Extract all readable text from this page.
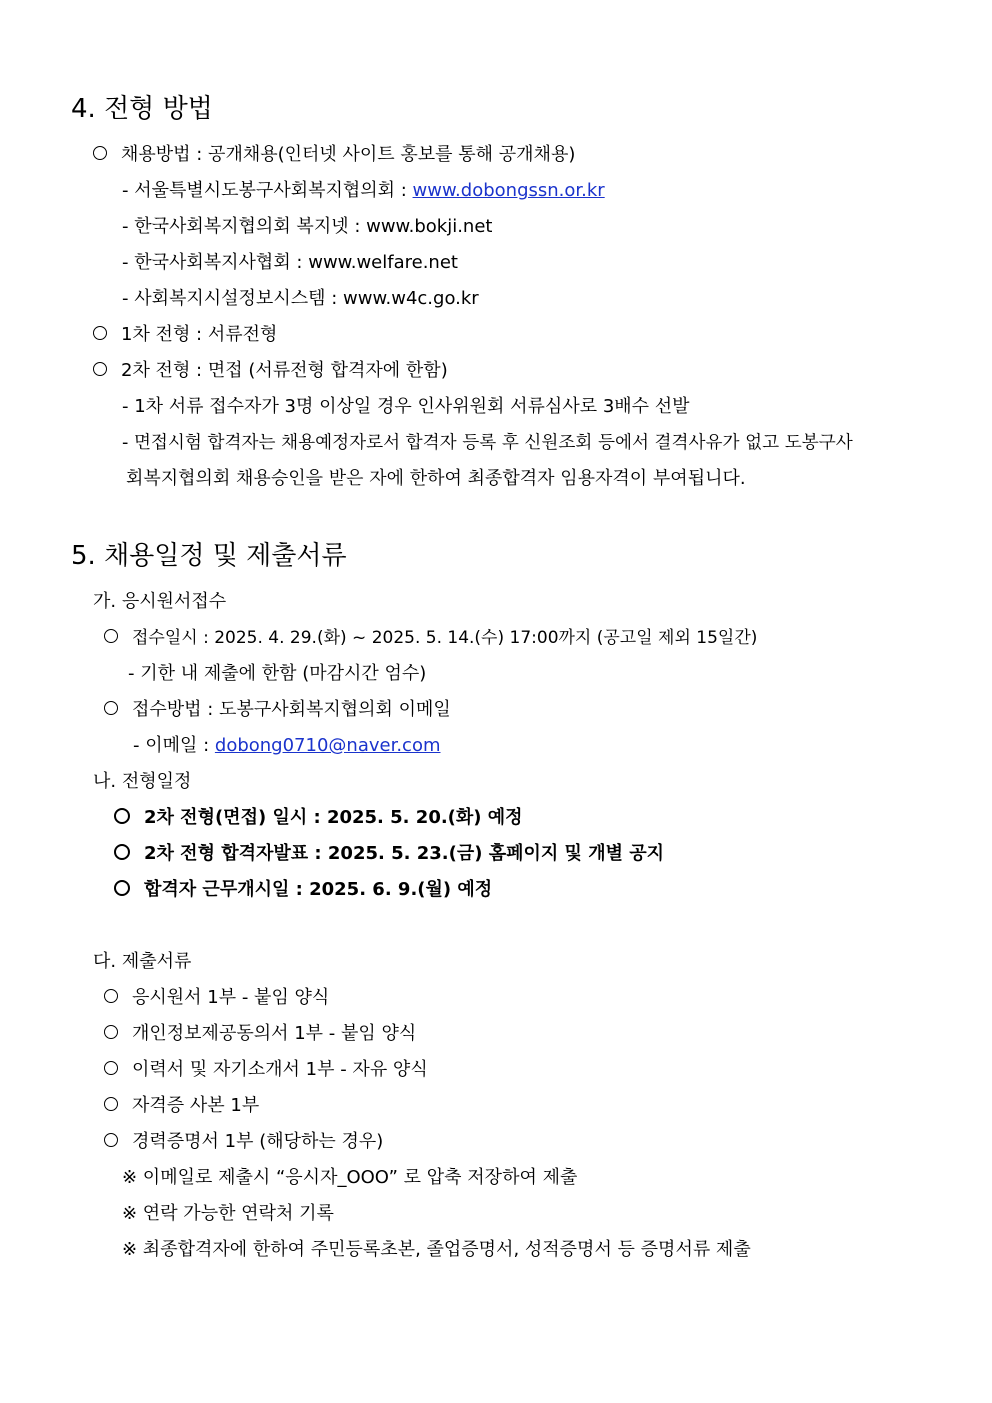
4. 전형 방법
채용방법 : 공개채용(인터넷 사이트 홍보를 통해 공개채용)
- 서울특별시도봉구사회복지협의회 : www.dobongssn.or.kr
- 한국사회복지협의회 복지넷 : www.bokji.net
- 한국사회복지사협회 : www.welfare.net
- 사회복지시설정보시스템 : www.w4c.go.kr
1차 전형 : 서류전형
2차 전형 : 면접 (서류전형 합격자에 한함)
- 1차 서류 접수자가 3명 이상일 경우 인사위원회 서류심사로 3배수 선발
- 면접시험 합격자는 채용예정자로서 합격자 등록 후 신원조회 등에서 결격사유가 없고 도봉구사
회복지협의회 채용승인을 받은 자에 한하여 최종합격자 임용자격이 부여됩니다.
5. 채용일정 및 제출서류
가. 응시원서접수
접수일시 : 2025. 4. 29.(화) ~ 2025. 5. 14.(수) 17:00까지 (공고일 제외 15일간)
- 기한 내 제출에 한함 (마감시간 엄수)
접수방법 : 도봉구사회복지협의회 이메일
- 이메일 : dobong0710@naver.com
나. 전형일정
2차 전형(면접) 일시 : 2025. 5. 20.(화) 예정
2차 전형 합격자발표 : 2025. 5. 23.(금) 홈페이지 및 개별 공지
합격자 근무개시일 : 2025. 6. 9.(월) 예정
다. 제출서류
응시원서 1부 - 붙임 양식
개인정보제공동의서 1부 - 붙임 양식
이력서 및 자기소개서 1부 - 자유 양식
자격증 사본 1부
경력증명서 1부 (해당하는 경우)
※ 이메일로 제출시 “응시자_OOO” 로 압축 저장하여 제출
※ 연락 가능한 연락처 기록
※ 최종합격자에 한하여 주민등록초본, 졸업증명서, 성적증명서 등 증명서류 제출
